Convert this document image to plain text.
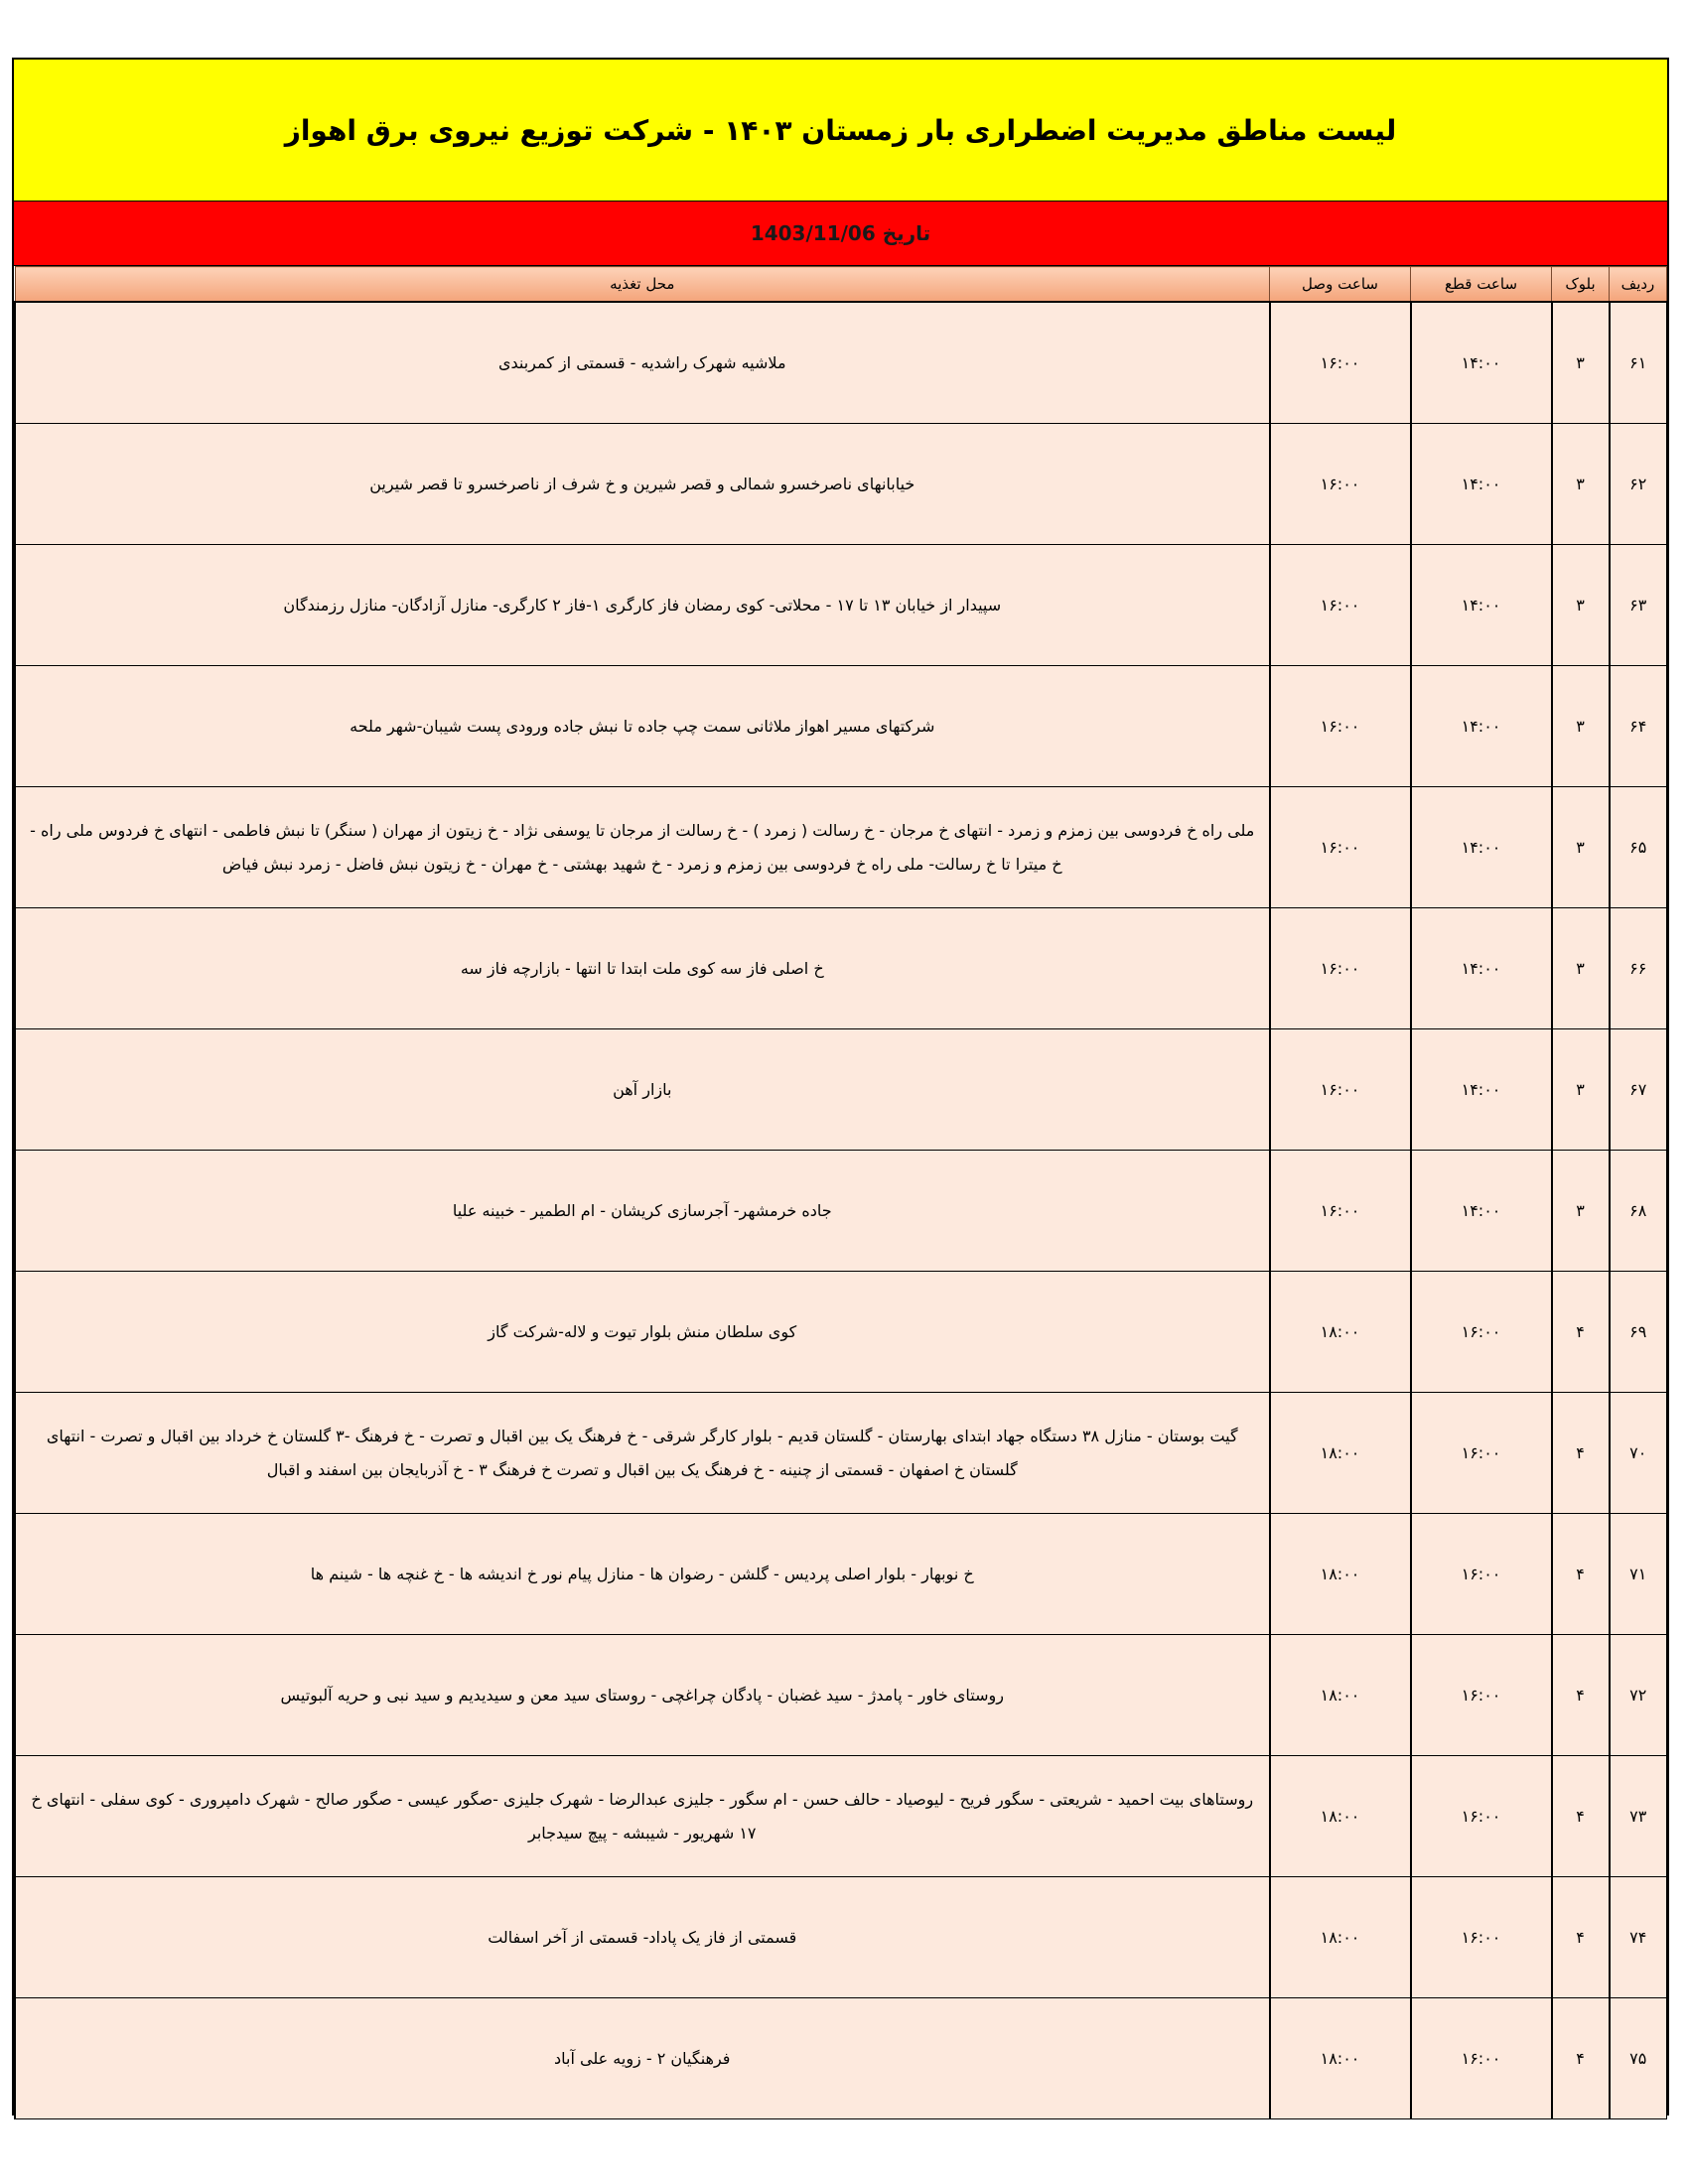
لیست مناطق مدیریت اضطراری بار زمستان ۱۴۰۳ - شرکت توزیع نیروی برق اهواز
تاریخ 1403/11/06
ردیف	بلوک	ساعت قطع	ساعت وصل	محل تغذیه
۶۱	۳	۱۴:۰۰	۱۶:۰۰	ملاشیه شهرک راشدیه - قسمتی از کمربندی
۶۲	۳	۱۴:۰۰	۱۶:۰۰	خیابانهای ناصرخسرو شمالی و قصر شیرین و خ شرف از ناصرخسرو تا قصر شیرین
۶۳	۳	۱۴:۰۰	۱۶:۰۰	سپیدار از خیابان ۱۳ تا ۱۷ - محلاتی- کوی رمضان فاز کارگری ۱-فاز ۲ کارگری- منازل آزادگان- منازل رزمندگان
۶۴	۳	۱۴:۰۰	۱۶:۰۰	شرکتهای مسیر اهواز ملاثانی سمت چپ جاده تا نبش جاده ورودی پست شیبان-شهر ملحه
۶۵	۳	۱۴:۰۰	۱۶:۰۰	ملی راه خ فردوسی بین زمزم و زمرد - انتهای خ مرجان - خ رسالت ( زمرد ) - خ رسالت از مرجان تا یوسفی نژاد - خ زیتون از مهران ( سنگر) تا نبش فاطمی - انتهای خ فردوس ملی راه - خ میترا تا خ رسالت- ملی راه خ فردوسی بین زمزم و زمرد - خ شهید بهشتی - خ مهران - خ زیتون نبش فاضل - زمرد نبش فیاض
۶۶	۳	۱۴:۰۰	۱۶:۰۰	خ اصلی فاز سه کوی ملت ابتدا تا انتها - بازارچه فاز سه
۶۷	۳	۱۴:۰۰	۱۶:۰۰	بازار آهن
۶۸	۳	۱۴:۰۰	۱۶:۰۰	جاده خرمشهر- آجرسازی کریشان - ام الطمیر - خبینه علیا
۶۹	۴	۱۶:۰۰	۱۸:۰۰	کوی سلطان منش بلوار تیوت و لاله-شرکت گاز
۷۰	۴	۱۶:۰۰	۱۸:۰۰	گیت بوستان - منازل ۳۸ دستگاه جهاد ابتدای بهارستان - گلستان قدیم - بلوار کارگر شرقی - خ فرهنگ یک بین اقبال و تصرت - خ فرهنگ -۳ گلستان خ خرداد بین اقبال و تصرت - انتهای گلستان خ اصفهان - قسمتی از چنینه - خ فرهنگ یک بین اقبال و تصرت خ فرهنگ ۳ - خ آذربایجان بین اسفند و اقبال
۷۱	۴	۱۶:۰۰	۱۸:۰۰	خ نوبهار - بلوار اصلی پردیس - گلشن - رضوان ها - منازل پیام نور خ اندیشه ها - خ غنچه ها - شینم ها
۷۲	۴	۱۶:۰۰	۱۸:۰۰	روستای خاور - پامدژ - سید غضبان - پادگان چراغچی - روستای سید معن و سیدیدیم و سید نبی و حریه آلبوتیس
۷۳	۴	۱۶:۰۰	۱۸:۰۰	روستاهای بیت احمید - شریعتی - سگور فریح - لیوصیاد - حالف حسن - ام سگور - جلیزی عبدالرضا - شهرک جلیزی -صگور عیسی - صگور صالح - شهرک دامپروری - کوی سفلی - انتهای خ ۱۷ شهریور - شیبشه - پیچ سیدجابر
۷۴	۴	۱۶:۰۰	۱۸:۰۰	قسمتی از فاز یک پاداد- قسمتی از آخر اسفالت
۷۵	۴	۱۶:۰۰	۱۸:۰۰	فرهنگیان ۲ - زویه علی آباد
